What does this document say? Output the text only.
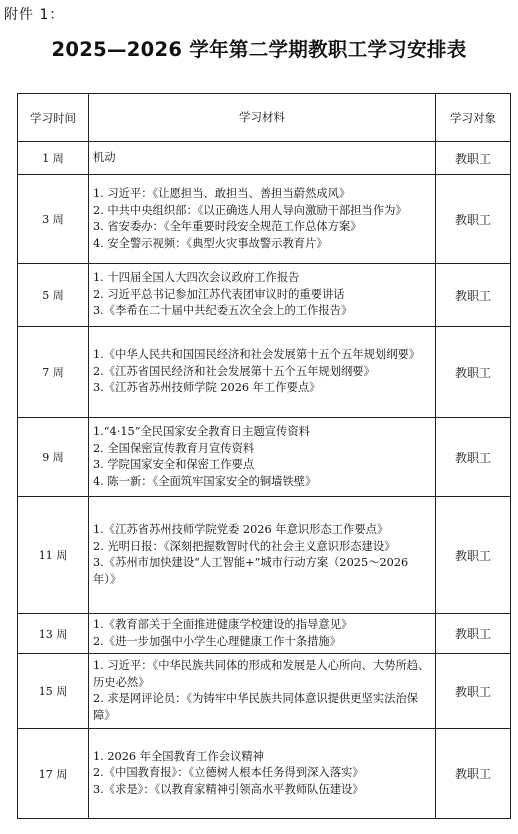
附件 1：
2025—2026 学年第二学期教职工学习安排表
学习时间	学习材料	学习对象
1 周	机动	教职工
3 周	1. 习近平：《让愿担当、敢担当、善担当蔚然成风》
2. 中共中央组织部：《以正确选人用人导向激励干部担当作为》
3. 省安委办：《全年重要时段安全规范工作总体方案》
4. 安全警示视频：《典型火灾事故警示教育片》	教职工
5 周	1. 十四届全国人大四次会议政府工作报告
2. 习近平总书记参加江苏代表团审议时的重要讲话
3.《李希在二十届中共纪委五次全会上的工作报告》	教职工
7 周	1.《中华人民共和国国民经济和社会发展第十五个五年规划纲要》
2.《江苏省国民经济和社会发展第十五个五年规划纲要》
3.《江苏省苏州技师学院 2026 年工作要点》	教职工
9 周	1.“4·15”全民国家安全教育日主题宣传资料
2. 全国保密宣传教育月宣传资料
3. 学院国家安全和保密工作要点
4. 陈一新：《全面筑牢国家安全的铜墙铁壁》	教职工
11 周	1.《江苏省苏州技师学院党委 2026 年意识形态工作要点》
2. 光明日报：《深刻把握数智时代的社会主义意识形态建设》
3.《苏州市加快建设“人工智能+”城市行动方案（2025～2026 年）》	教职工
13 周	1.《教育部关于全面推进健康学校建设的指导意见》
2.《进一步加强中小学生心理健康工作十条措施》	教职工
15 周	1. 习近平：《中华民族共同体的形成和发展是人心所向、大势所趋、历史必然》
2. 求是网评论员：《为铸牢中华民族共同体意识提供更坚实法治保障》	教职工
17 周	1. 2026 年全国教育工作会议精神
2.《中国教育报》：《立德树人根本任务得到深入落实》
3.《求是》：《以教育家精神引领高水平教师队伍建设》	教职工
